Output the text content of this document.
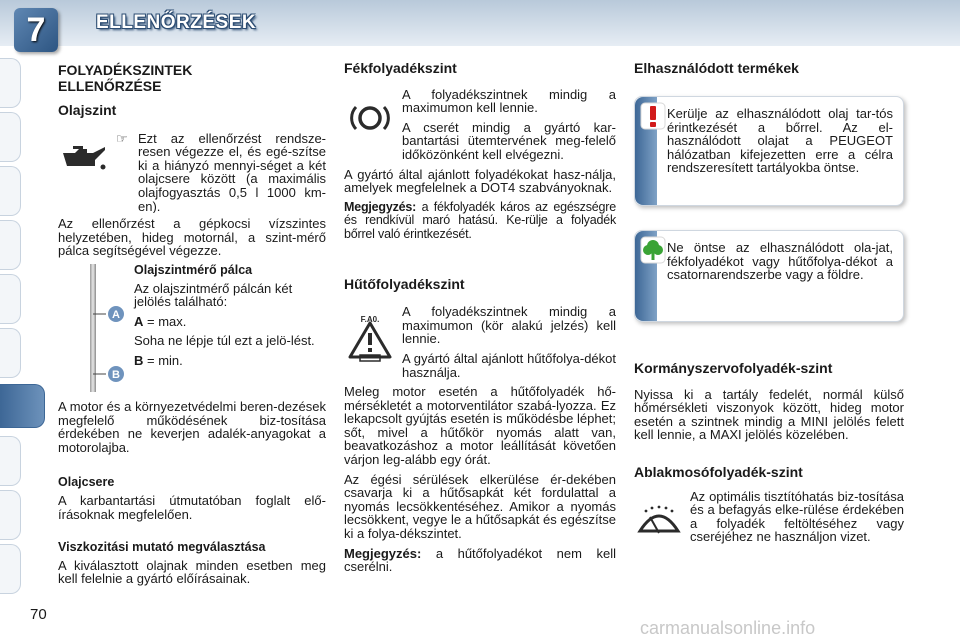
7	ELLENŐRZÉSEK
FOLYADÉKSZINTEK ELLENŐRZÉSE
Olajszint
☞ Ezt az ellenőrzést rendsze-resen végezze el, és egé-szítse ki a hiányzó mennyi-séget a két olajcsere között (a maximális olajfogyasztás 0,5 l 1000 km-en).

Az ellenőrzést a gépkocsi vízszintes helyzetében, hideg motornál, a szint-mérő pálca segítségével végezze.

A
B
Olajszintmérő pálca

Az olajszintmérő pálcán két jelölés található:

A = max.

Soha ne lépje túl ezt a jelö-lést.

B = min.

A motor és a környezetvédelmi beren-dezések megfelelő működésének biz-tosítása érdekében ne keverjen adalék-anyagokat a motorolajba.

Olajcsere

A karbantartási útmutatóban foglalt elő-írásoknak megfelelően.

Viszkozitási mutató megválasztása

A kiválasztott olajnak minden esetben meg kell felelnie a gyártó előírásainak.

Fékfolyadékszint

A folyadékszintnek mindig a maximumon kell lennie.

A cserét mindig a gyártó kar-bantartási ütemtervének meg-felelő időközönként kell elvégezni.

A gyártó által ajánlott folyadékokat hasz-nálja, amelyek megfelelnek a DOT4 szabványoknak.

Megjegyzés: a fékfolyadék káros az egészségre és rendkívül maró hatású. Ke-rülje a folyadék bőrrel való érintkezését.

Hűtőfolyadékszint
F.A0.

A folyadékszintnek mindig a maximumon (kör alakú jelzés) kell lennie.

A gyártó által ajánlott hűtőfolya-dékot használja.

Meleg motor esetén a hűtőfolyadék hő-mérsékletét a motorventilátor szabá-lyozza. Ez lekapcsolt gyújtás esetén is működésbe léphet; sőt, mivel a hűtőkör nyomás alatt van, beavatkozáshoz a motor leállítását követően várjon leg-alább egy órát.

Az égési sérülések elkerülése ér-dekében csavarja ki a hűtősapkát két fordulattal a nyomás lecsökkentéséhez. Amikor a nyomás lecsökkent, vegye le a hűtősapkát és egészítse ki a folya-dékszintet.

Megjegyzés: a hűtőfolyadékot nem kell cserélni.

Elhasználódott termékek
Kerülje az elhasználódott olaj tar-tós érintkezését a bőrrel. Az el-használódott olajat a PEUGEOT hálózatban kifejezetten erre a célra rendszeresített tartályokba öntse.
Ne öntse az elhasználódott ola-jat, fékfolyadékot vagy hűtőfolya-dékot a csatornarendszerbe vagy a földre.
Kormányszervofolyadék-szint

Nyissa ki a tartály fedelét, normál külső hőmérsékleti viszonyok között, hideg motor esetén a szintnek mindig a MINI jelölés felett kell lennie, a MAXI jelölés közelében.

Ablakmosófolyadék-szint

Az optimális tisztítóhatás biz-tosítása és a befagyás elke-rülése érdekében a folyadék feltöltéséhez vagy cseréjéhez ne használjon vizet.

70
carmanualsonline.info
